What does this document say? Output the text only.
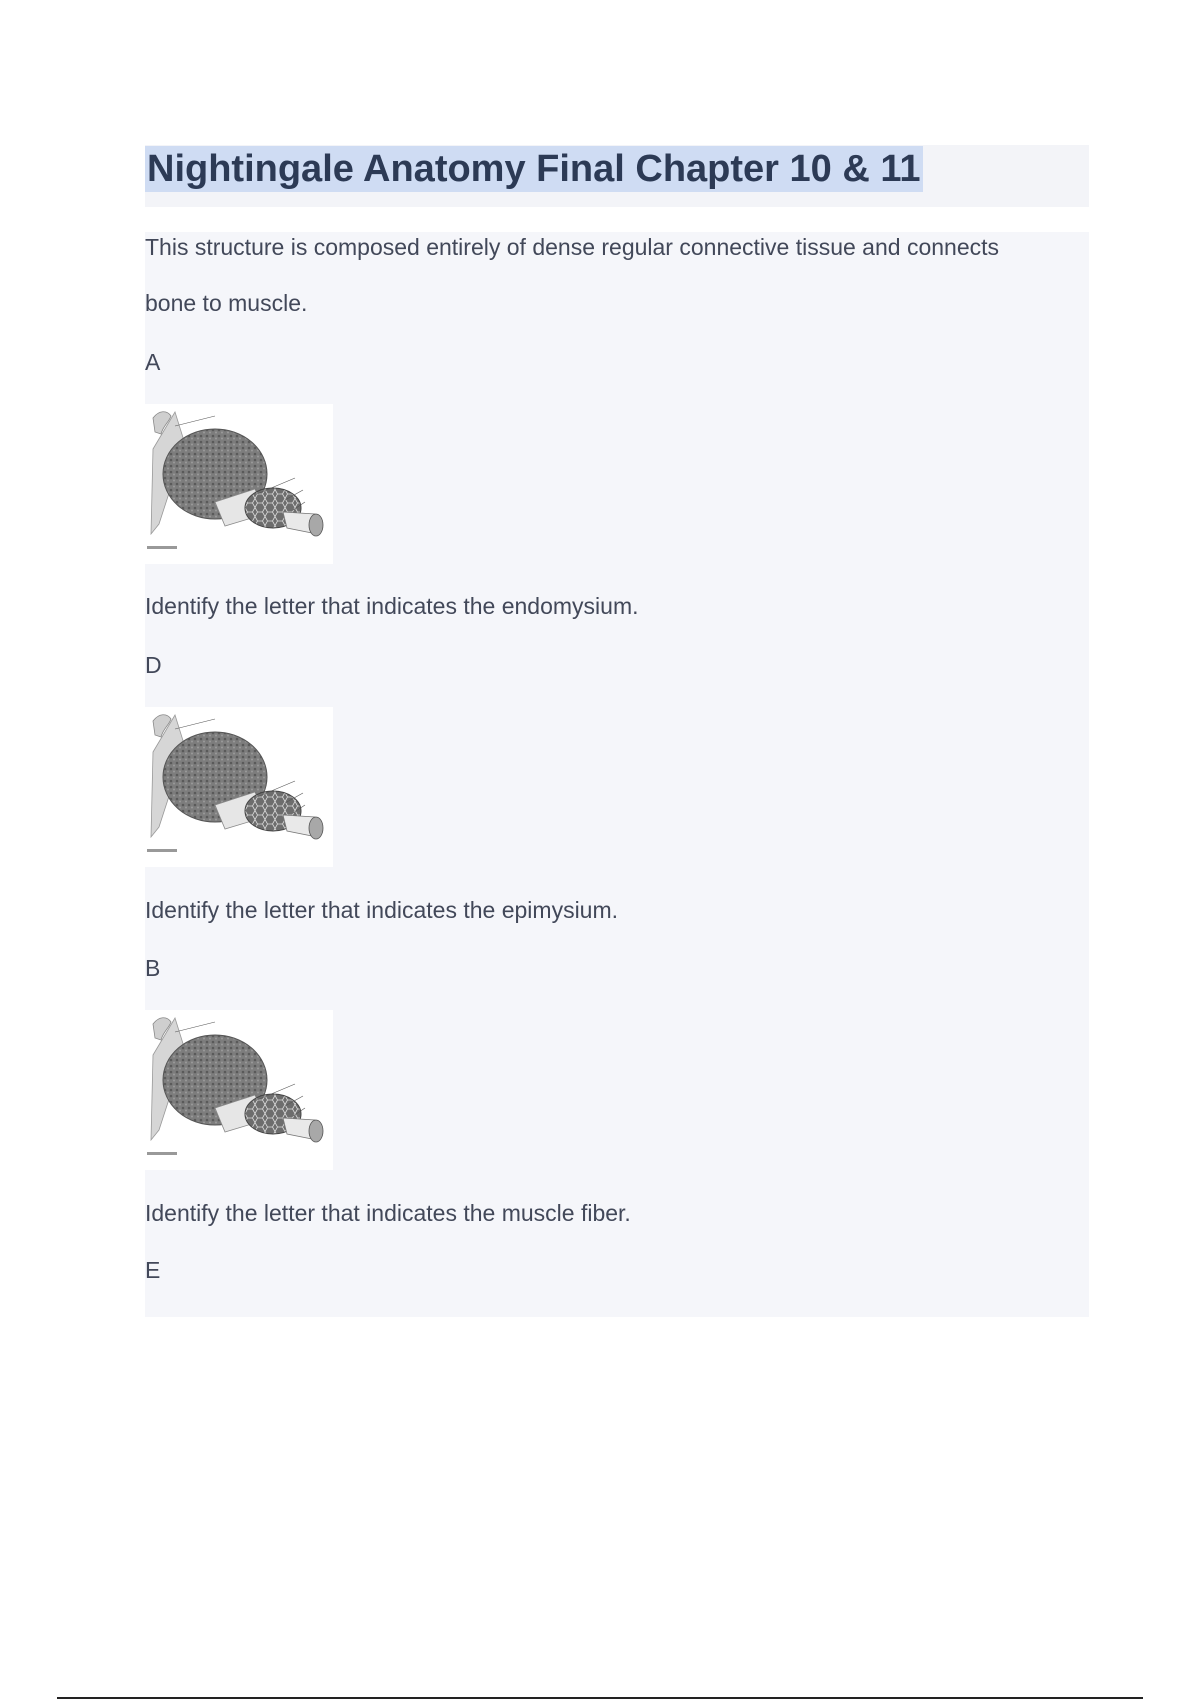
Nightingale Anatomy Final Chapter 10 & 11
This structure is composed entirely of dense regular connective tissue and connects
bone to muscle.
A
Identify the letter that indicates the endomysium.
D
Identify the letter that indicates the epimysium.
B
Identify the letter that indicates the muscle fiber.
E
